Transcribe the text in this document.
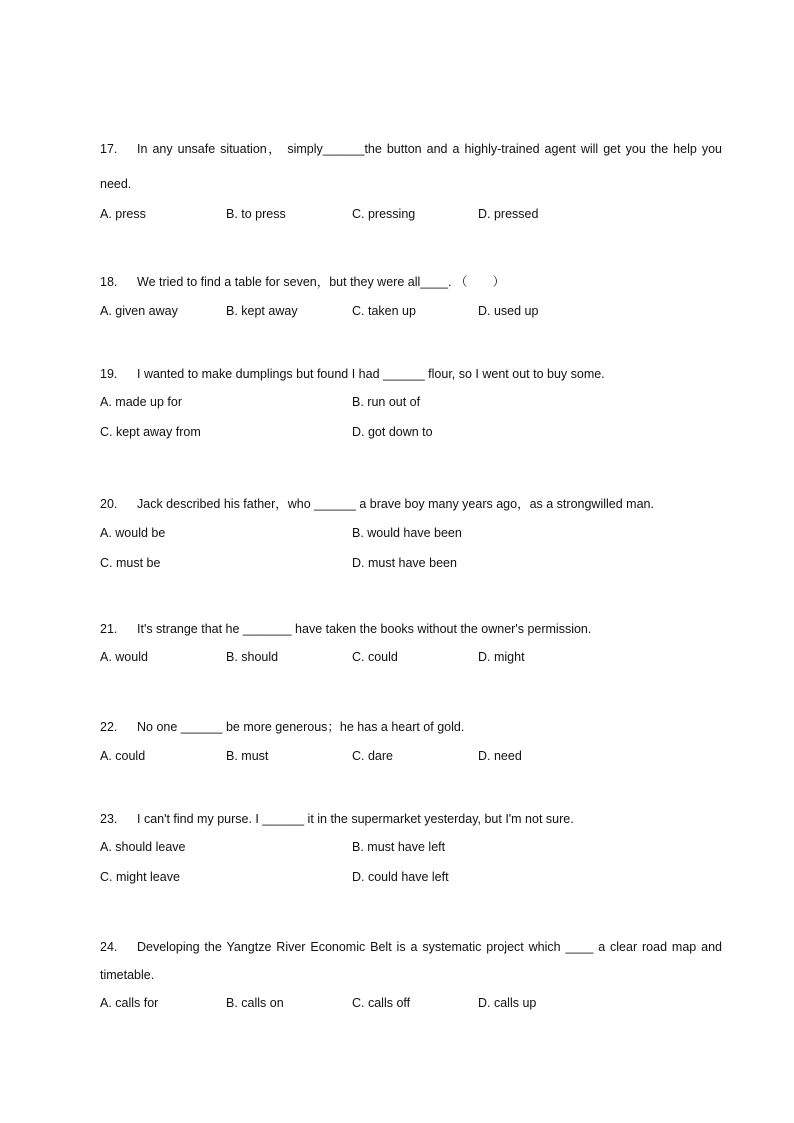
17.	In any unsafe situation， simply______the button and a highly-trained agent will get you the help you
need.
A. press	B. to press	C. pressing	D. pressed
18.	We tried to find a table for seven，but they were all____. （　　）
A. given away	B. kept away	C. taken up	D. used up
19.	I wanted to make dumplings but found I had ______ flour, so I went out to buy some.
A. made up for	B. run out of
C. kept away from	D. got down to
20.	Jack described his father，who ______ a brave boy many years ago，as a strongwilled man.
A. would be	B. would have been
C. must be	D. must have been
21.	It's strange that he _______ have taken the books without the owner's permission.
A. would	B. should	C. could	D. might
22.	No one ______ be more generous；he has a heart of gold.
A. could	B. must	C. dare	D. need
23.	I can't find my purse. I ______ it in the supermarket yesterday, but I'm not sure.
A. should leave	B. must have left
C. might leave	D. could have left
24.	Developing the Yangtze River Economic Belt is a systematic project which ____ a clear road map and
timetable.
A. calls for	B. calls on	C. calls off	D. calls up
